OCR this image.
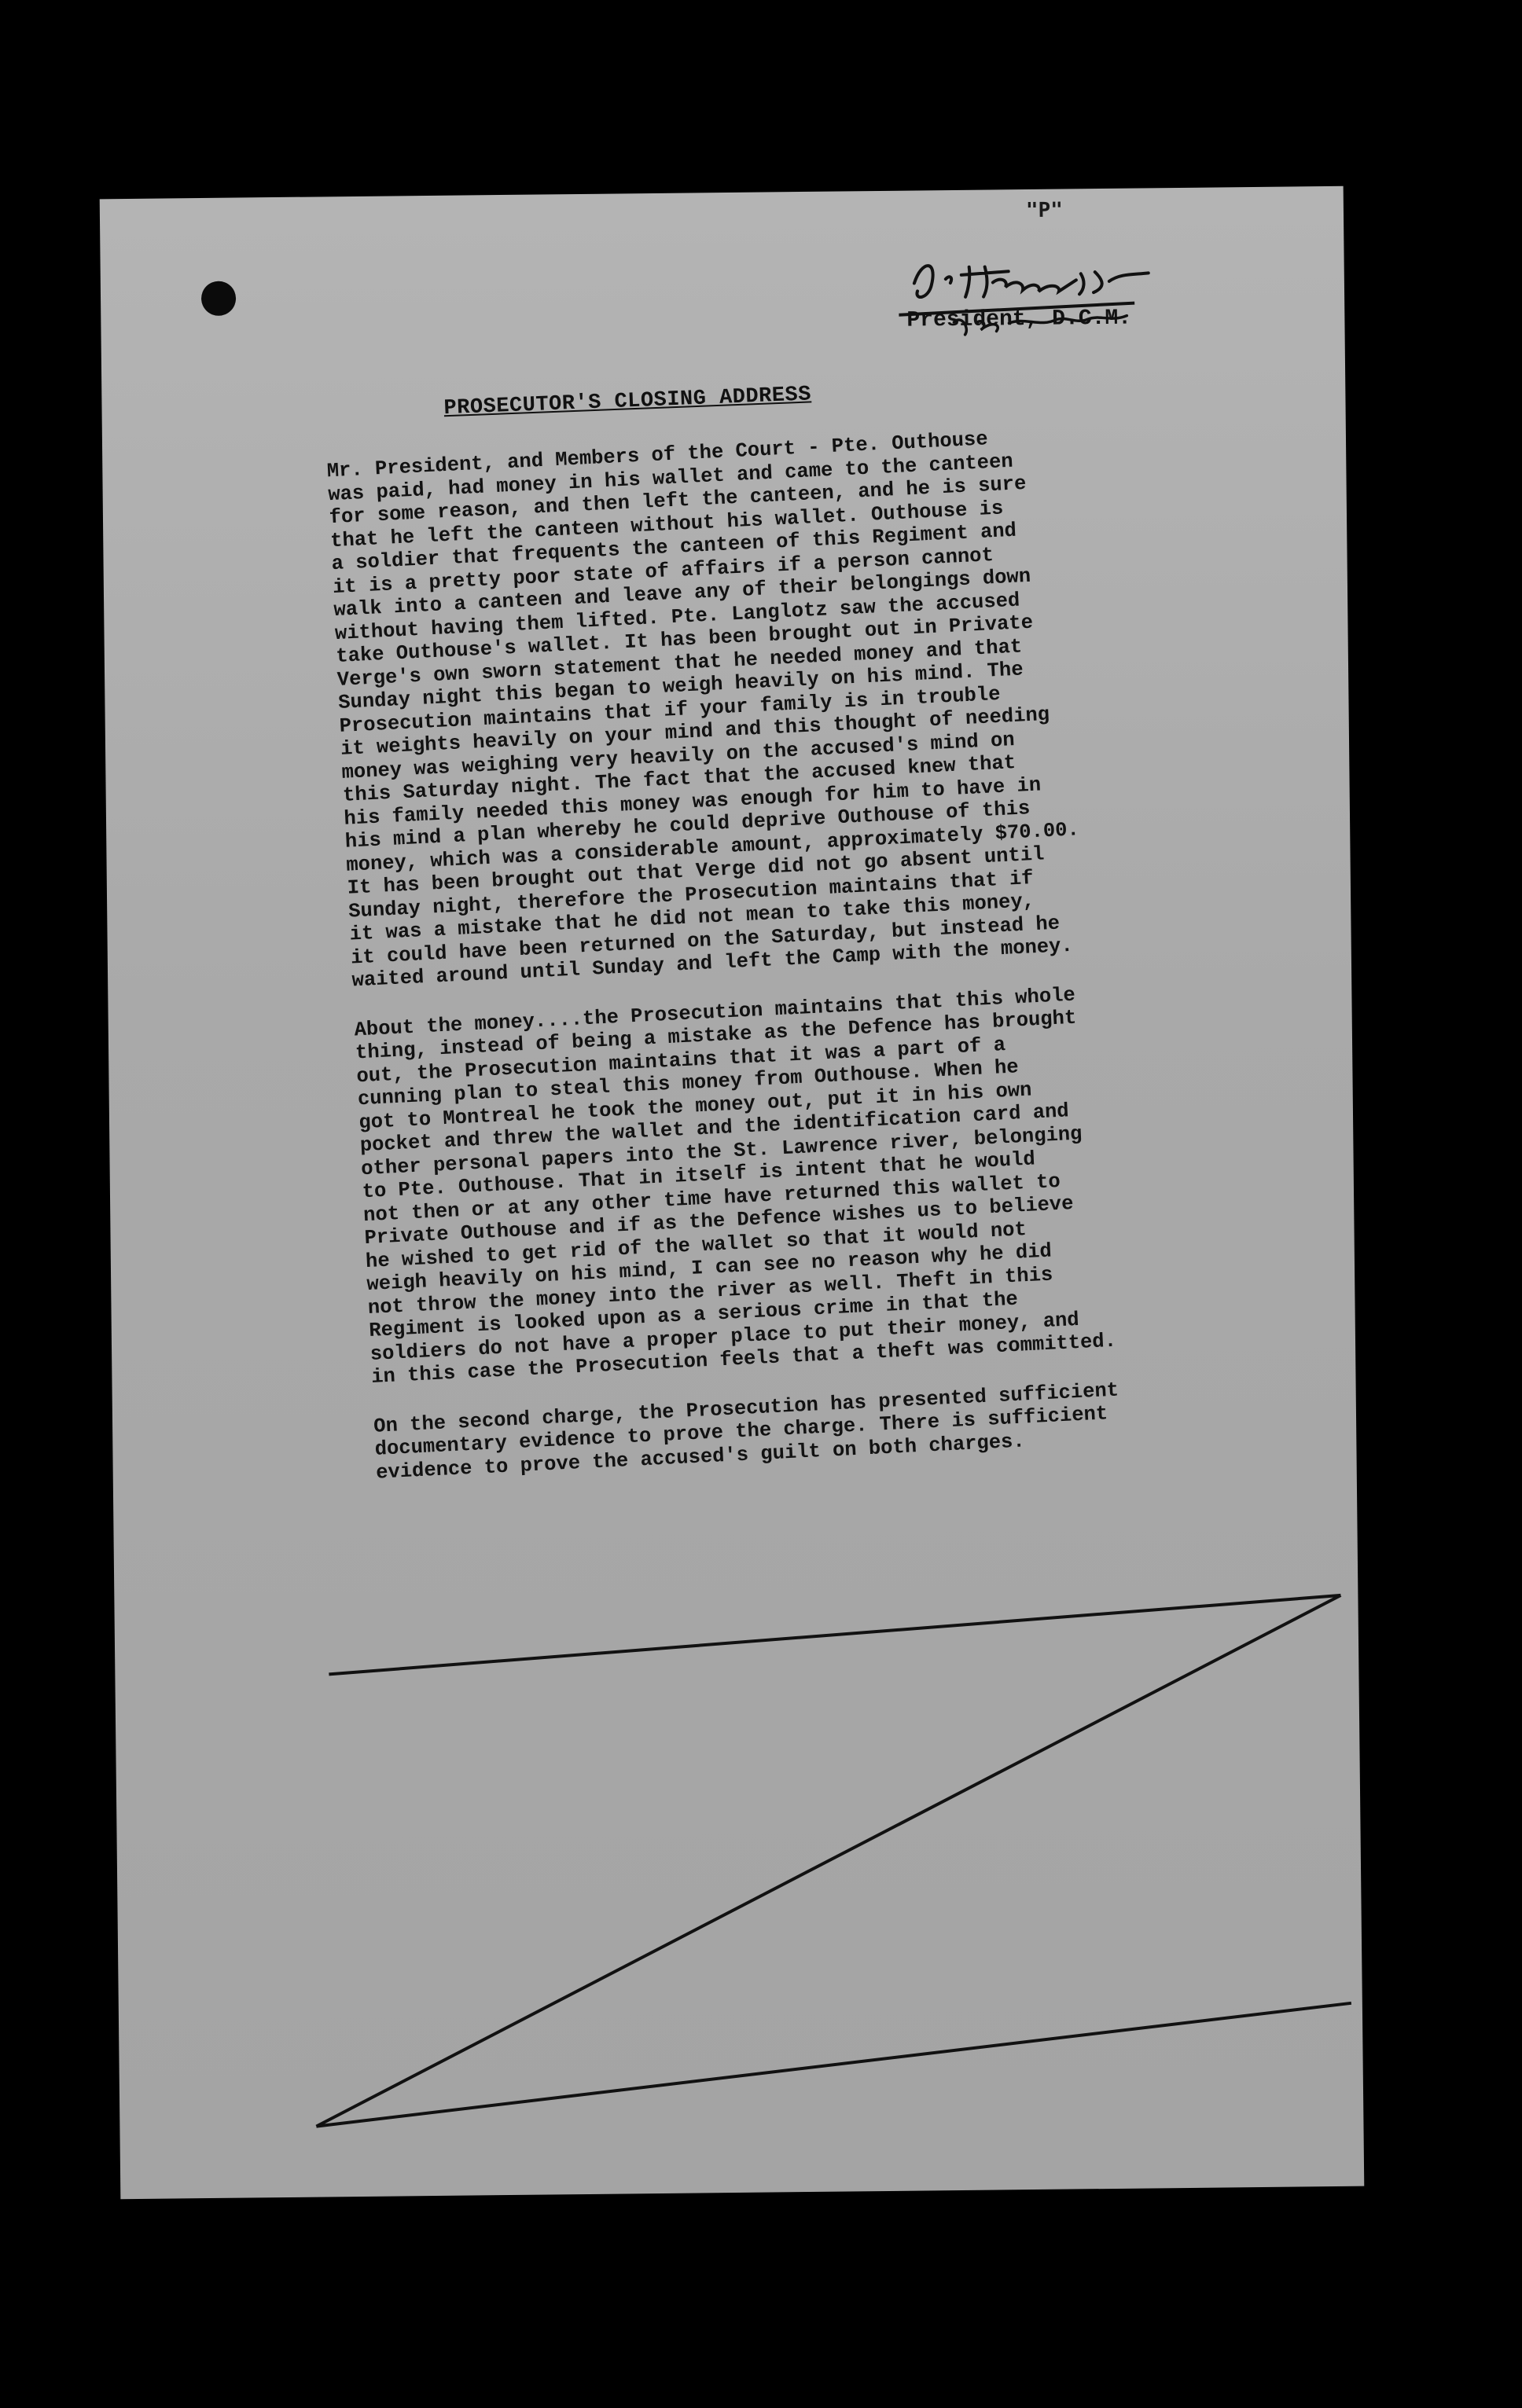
"P"
President, D.C.M.
PROSECUTOR'S CLOSING ADDRESS

Mr. President, and Members of the Court - Pte. Outhouse
was paid, had money in his wallet and came to the canteen
for some reason, and then left the canteen, and he is sure
that he left the canteen without his wallet. Outhouse is
a soldier that frequents the canteen of this Regiment and
it is a pretty poor state of affairs if a person cannot
walk into a canteen and leave any of their belongings down
without having them lifted. Pte. Langlotz saw the accused
take Outhouse's wallet. It has been brought out in Private
Verge's own sworn statement that he needed money and that
Sunday night this began to weigh heavily on his mind. The
Prosecution maintains that if your family is in trouble
it weights heavily on your mind and this thought of needing
money was weighing very heavily on the accused's mind on
this Saturday night. The fact that the accused knew that
his family needed this money was enough for him to have in
his mind a plan whereby he could deprive Outhouse of this
money, which was a considerable amount, approximately $70.00.
It has been brought out that Verge did not go absent until
Sunday night, therefore the Prosecution maintains that if
it was a mistake that he did not mean to take this money,
it could have been returned on the Saturday, but instead he
waited around until Sunday and left the Camp with the money.

About the money....the Prosecution maintains that this whole
thing, instead of being a mistake as the Defence has brought
out, the Prosecution maintains that it was a part of a
cunning plan to steal this money from Outhouse. When he
got to Montreal he took the money out, put it in his own
pocket and threw the wallet and the identification card and
other personal papers into the St. Lawrence river, belonging
to Pte. Outhouse. That in itself is intent that he would
not then or at any other time have returned this wallet to
Private Outhouse and if as the Defence wishes us to believe
he wished to get rid of the wallet so that it would not
weigh heavily on his mind, I can see no reason why he did
not throw the money into the river as well. Theft in this
Regiment is looked upon as a serious crime in that the
soldiers do not have a proper place to put their money, and
in this case the Prosecution feels that a theft was committed.

On the second charge, the Prosecution has presented sufficient
documentary evidence to prove the charge. There is sufficient
evidence to prove the accused's guilt on both charges.
